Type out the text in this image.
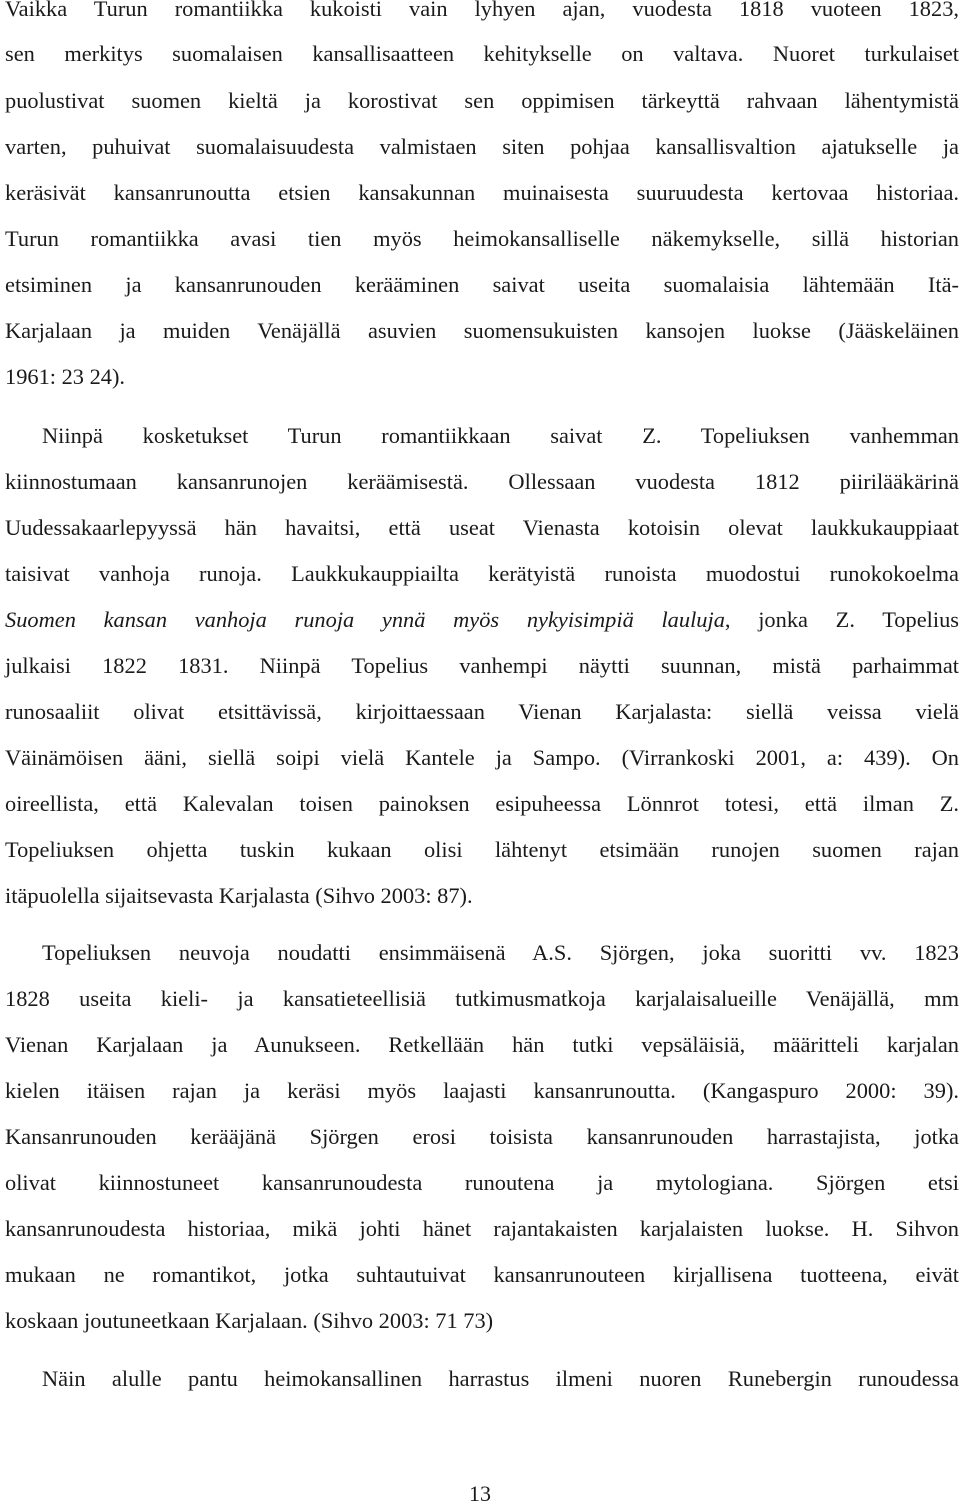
Vaikka Turun romantiikka kukoisti vain lyhyen ajan, vuodesta 1818 vuoteen 1823,
sen merkitys suomalaisen kansallisaatteen kehitykselle on valtava. Nuoret turkulaiset
puolustivat suomen kieltä ja korostivat sen oppimisen tärkeyttä rahvaan lähentymistä
varten, puhuivat suomalaisuudesta valmistaen siten pohjaa kansallisvaltion ajatukselle ja
keräsivät kansanrunoutta etsien kansakunnan muinaisesta suuruudesta kertovaa historiaa.
Turun romantiikka avasi tien myös heimokansalliselle näkemykselle, sillä historian
etsiminen ja kansanrunouden kerääminen saivat useita suomalaisia lähtemään Itä-
Karjalaan ja muiden Venäjällä asuvien suomensukuisten kansojen luokse (Jääskeläinen
1961: 23 24).
Niinpä kosketukset Turun romantiikkaan saivat Z. Topeliuksen vanhemman
kiinnostumaan kansanrunojen keräämisestä. Ollessaan vuodesta 1812 piirilääkärinä
Uudessakaarlepyyssä hän havaitsi, että useat Vienasta kotoisin olevat laukkukauppiaat
taisivat vanhoja runoja. Laukkukauppiailta kerätyistä runoista muodostui runokokoelma
Suomen kansan vanhoja runoja ynnä myös nykyisimpiä lauluja, jonka Z. Topelius
julkaisi 1822 1831. Niinpä Topelius vanhempi näytti suunnan, mistä parhaimmat
runosaaliit olivat etsittävissä, kirjoittaessaan Vienan Karjalasta: siellä veissa vielä
Väinämöisen ääni, siellä soipi vielä Kantele ja Sampo. (Virrankoski 2001, a: 439). On
oireellista, että Kalevalan toisen painoksen esipuheessa Lönnrot totesi, että ilman Z.
Topeliuksen ohjetta tuskin kukaan olisi lähtenyt etsimään runojen suomen rajan
itäpuolella sijaitsevasta Karjalasta (Sihvo 2003: 87).
Topeliuksen neuvoja noudatti ensimmäisenä A.S. Sjörgen, joka suoritti vv. 1823
1828 useita kieli- ja kansatieteellisiä tutkimusmatkoja karjalaisalueille Venäjällä, mm
Vienan Karjalaan ja Aunukseen. Retkellään hän tutki vepsäläisiä, määritteli karjalan
kielen itäisen rajan ja keräsi myös laajasti kansanrunoutta. (Kangaspuro 2000: 39).
Kansanrunouden kerääjänä Sjörgen erosi toisista kansanrunouden harrastajista, jotka
olivat kiinnostuneet kansanrunoudesta runoutena ja mytologiana. Sjörgen etsi
kansanrunoudesta historiaa, mikä johti hänet rajantakaisten karjalaisten luokse. H. Sihvon
mukaan ne romantikot, jotka suhtautuivat kansanrunouteen kirjallisena tuotteena, eivät
koskaan joutuneetkaan Karjalaan. (Sihvo 2003: 71 73)
Näin alulle pantu heimokansallinen harrastus ilmeni nuoren Runebergin runoudessa
13
